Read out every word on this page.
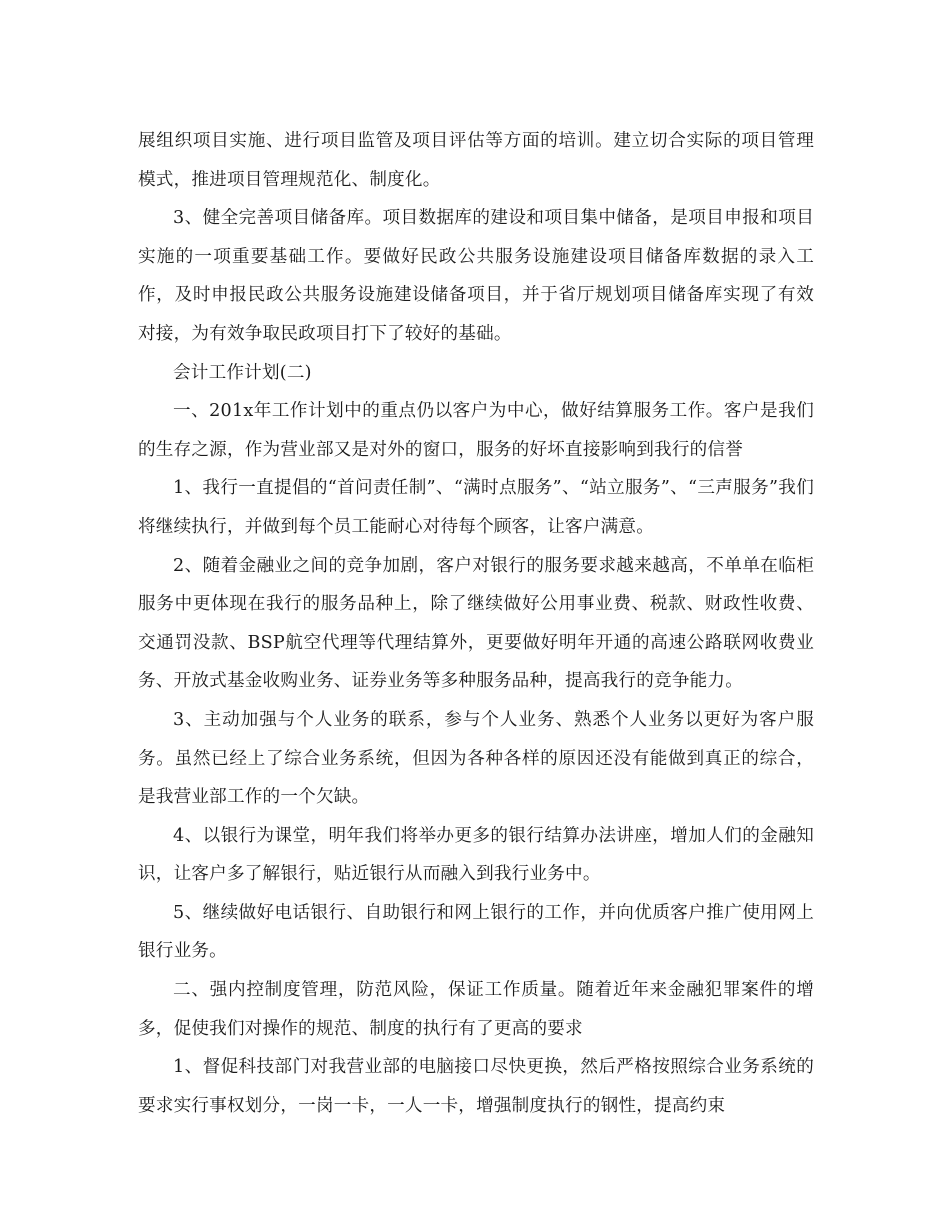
展组织项目实施、进行项目监管及项目评估等方面的培训。建立切合实际的项目管理模式，推进项目管理规范化、制度化。

3、健全完善项目储备库。项目数据库的建设和项目集中储备，是项目申报和项目实施的一项重要基础工作。要做好民政公共服务设施建设项目储备库数据的录入工作，及时申报民政公共服务设施建设储备项目，并于省厅规划项目储备库实现了有效对接，为有效争取民政项目打下了较好的基础。

会计工作计划(二)

一、201x年工作计划中的重点仍以客户为中心，做好结算服务工作。客户是我们的生存之源，作为营业部又是对外的窗口，服务的好坏直接影响到我行的信誉

1、我行一直提倡的“首问责任制”、“满时点服务”、“站立服务”、“三声服务”我们将继续执行，并做到每个员工能耐心对待每个顾客，让客户满意。

2、随着金融业之间的竞争加剧，客户对银行的服务要求越来越高，不单单在临柜服务中更体现在我行的服务品种上，除了继续做好公用事业费、税款、财政性收费、交通罚没款、BSP航空代理等代理结算外，更要做好明年开通的高速公路联网收费业务、开放式基金收购业务、证券业务等多种服务品种，提高我行的竞争能力。

3、主动加强与个人业务的联系，参与个人业务、熟悉个人业务以更好为客户服务。虽然已经上了综合业务系统，但因为各种各样的原因还没有能做到真正的综合，是我营业部工作的一个欠缺。

4、以银行为课堂，明年我们将举办更多的银行结算办法讲座，增加人们的金融知识，让客户多了解银行，贴近银行从而融入到我行业务中。

5、继续做好电话银行、自助银行和网上银行的工作，并向优质客户推广使用网上银行业务。

二、强内控制度管理，防范风险，保证工作质量。随着近年来金融犯罪案件的增多，促使我们对操作的规范、制度的执行有了更高的要求

1、督促科技部门对我营业部的电脑接口尽快更换，然后严格按照综合业务系统的要求实行事权划分，一岗一卡，一人一卡，增强制度执行的钢性，提高约束
